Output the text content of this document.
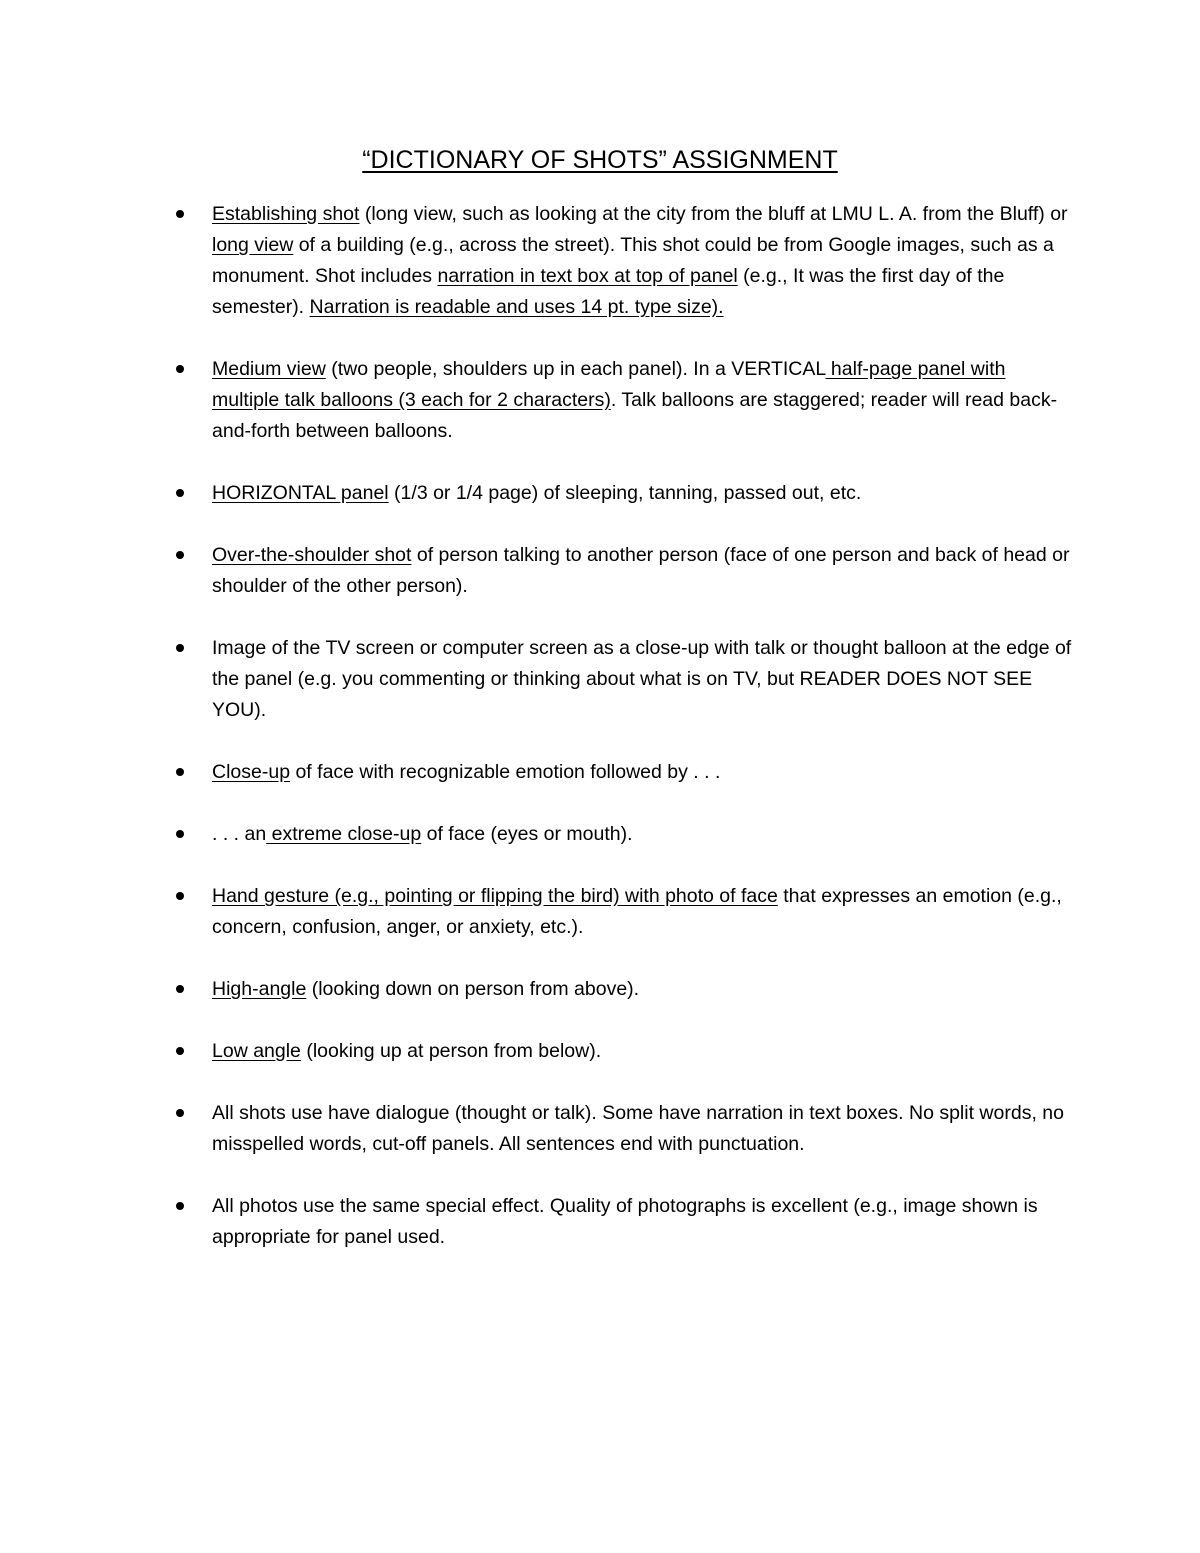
“DICTIONARY OF SHOTS” ASSIGNMENT
Establishing shot (long view, such as looking at the city from the bluff at LMU L. A. from the Bluff) or long view of a building (e.g., across the street). This shot could be from Google images, such as a monument. Shot includes narration in text box at top of panel (e.g., It was the first day of the semester). Narration is readable and uses 14 pt. type size).
Medium view (two people, shoulders up in each panel). In a VERTICAL half-page panel with multiple talk balloons (3 each for 2 characters). Talk balloons are staggered; reader will read back-and-forth between balloons.
HORIZONTAL panel (1/3 or 1/4 page) of sleeping, tanning, passed out, etc.
Over-the-shoulder shot of person talking to another person (face of one person and back of head or shoulder of the other person).
Image of the TV screen or computer screen as a close-up with talk or thought balloon at the edge of the panel (e.g. you commenting or thinking about what is on TV, but READER DOES NOT SEE YOU).
Close-up of face with recognizable emotion followed by . . .
. . . an extreme close-up of face (eyes or mouth).
Hand gesture (e.g., pointing or flipping the bird) with photo of face that expresses an emotion (e.g., concern, confusion, anger, or anxiety, etc.).
High-angle (looking down on person from above).
Low angle (looking up at person from below).
All shots use have dialogue (thought or talk). Some have narration in text boxes. No split words, no misspelled words, cut-off panels. All sentences end with punctuation.
All photos use the same special effect. Quality of photographs is excellent (e.g., image shown is appropriate for panel used.
